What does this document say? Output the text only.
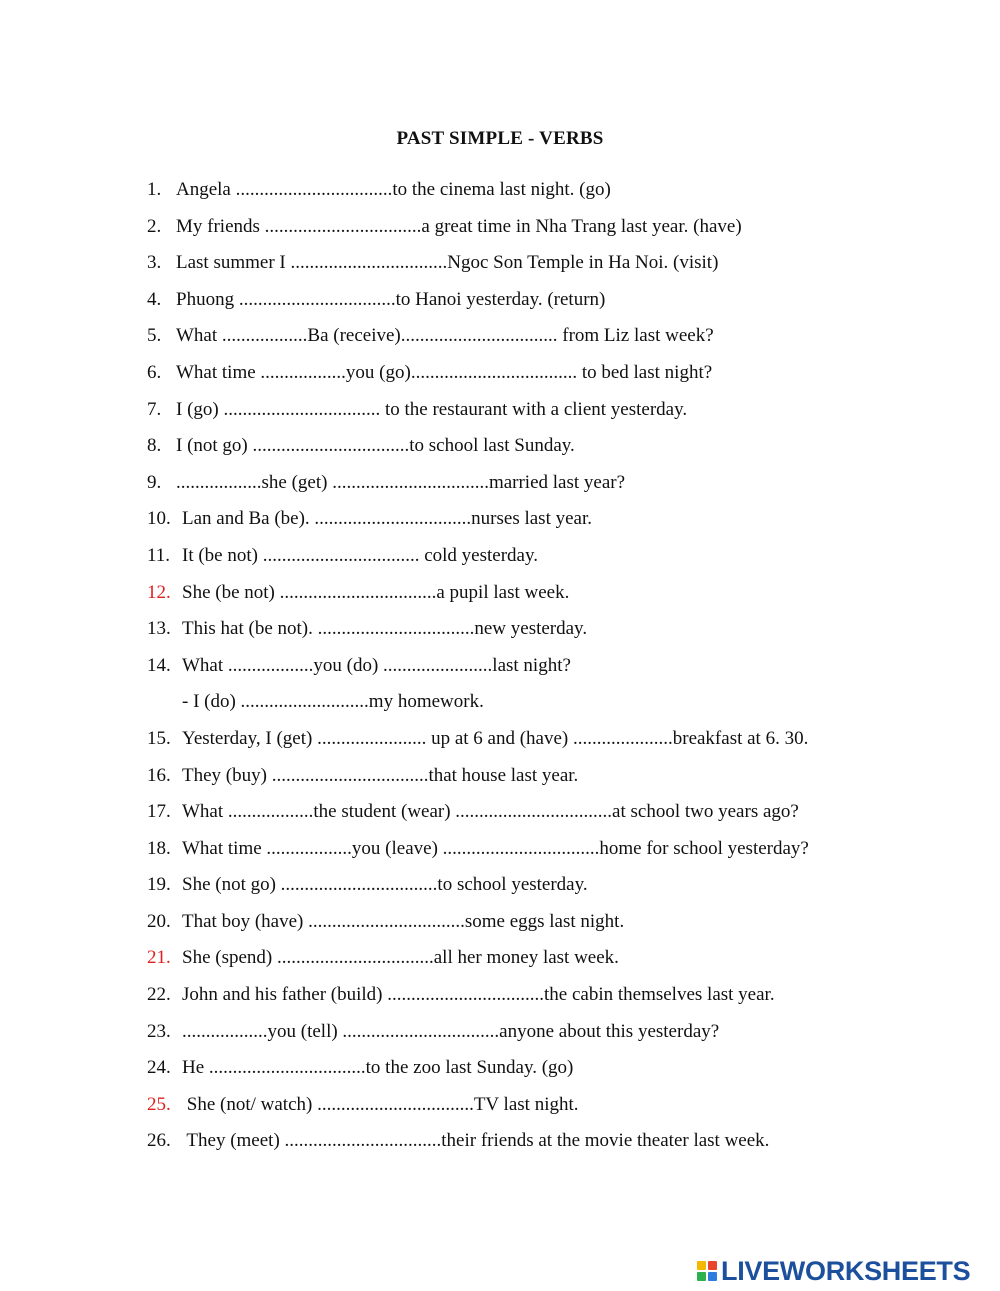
PAST SIMPLE - VERBS
1. Angela .................................to the cinema last night. (go)
2. My friends .................................a great time in Nha Trang last year. (have)
3. Last summer I .................................Ngoc Son Temple in Ha Noi. (visit)
4. Phuong .................................to Hanoi yesterday. (return)
5. What ..................Ba (receive)................................. from Liz last week?
6. What time ..................you (go)................................... to bed last night?
7. I (go) ................................. to the restaurant with a client yesterday.
8. I (not go) .................................to school last Sunday.
9. ..................she (get) .................................married last year?
10. Lan and Ba (be). .................................nurses last year.
11. It (be not) ................................. cold yesterday.
12. She (be not) .................................a pupil last week.
13. This hat (be not). .................................new yesterday.
14. What ..................you (do) .......................last night?
- I (do) ...........................my homework.
15. Yesterday, I (get) ....................... up at 6 and (have) .....................breakfast at 6. 30.
16. They (buy) .................................that house last year.
17. What ..................the student (wear) .................................at school two years ago?
18. What time ..................you (leave) .................................home for school yesterday?
19. She (not go) .................................to school yesterday.
20. That boy (have) .................................some eggs last night.
21. She (spend) .................................all her money last week.
22. John and his father (build) .................................the cabin themselves last year.
23. ..................you (tell) .................................anyone about this yesterday?
24. He .................................to the zoo last Sunday. (go)
25. She (not/ watch) .................................TV last night.
26. They (meet) .................................their friends at the movie theater last week.
LIVEWORKSHEETS
